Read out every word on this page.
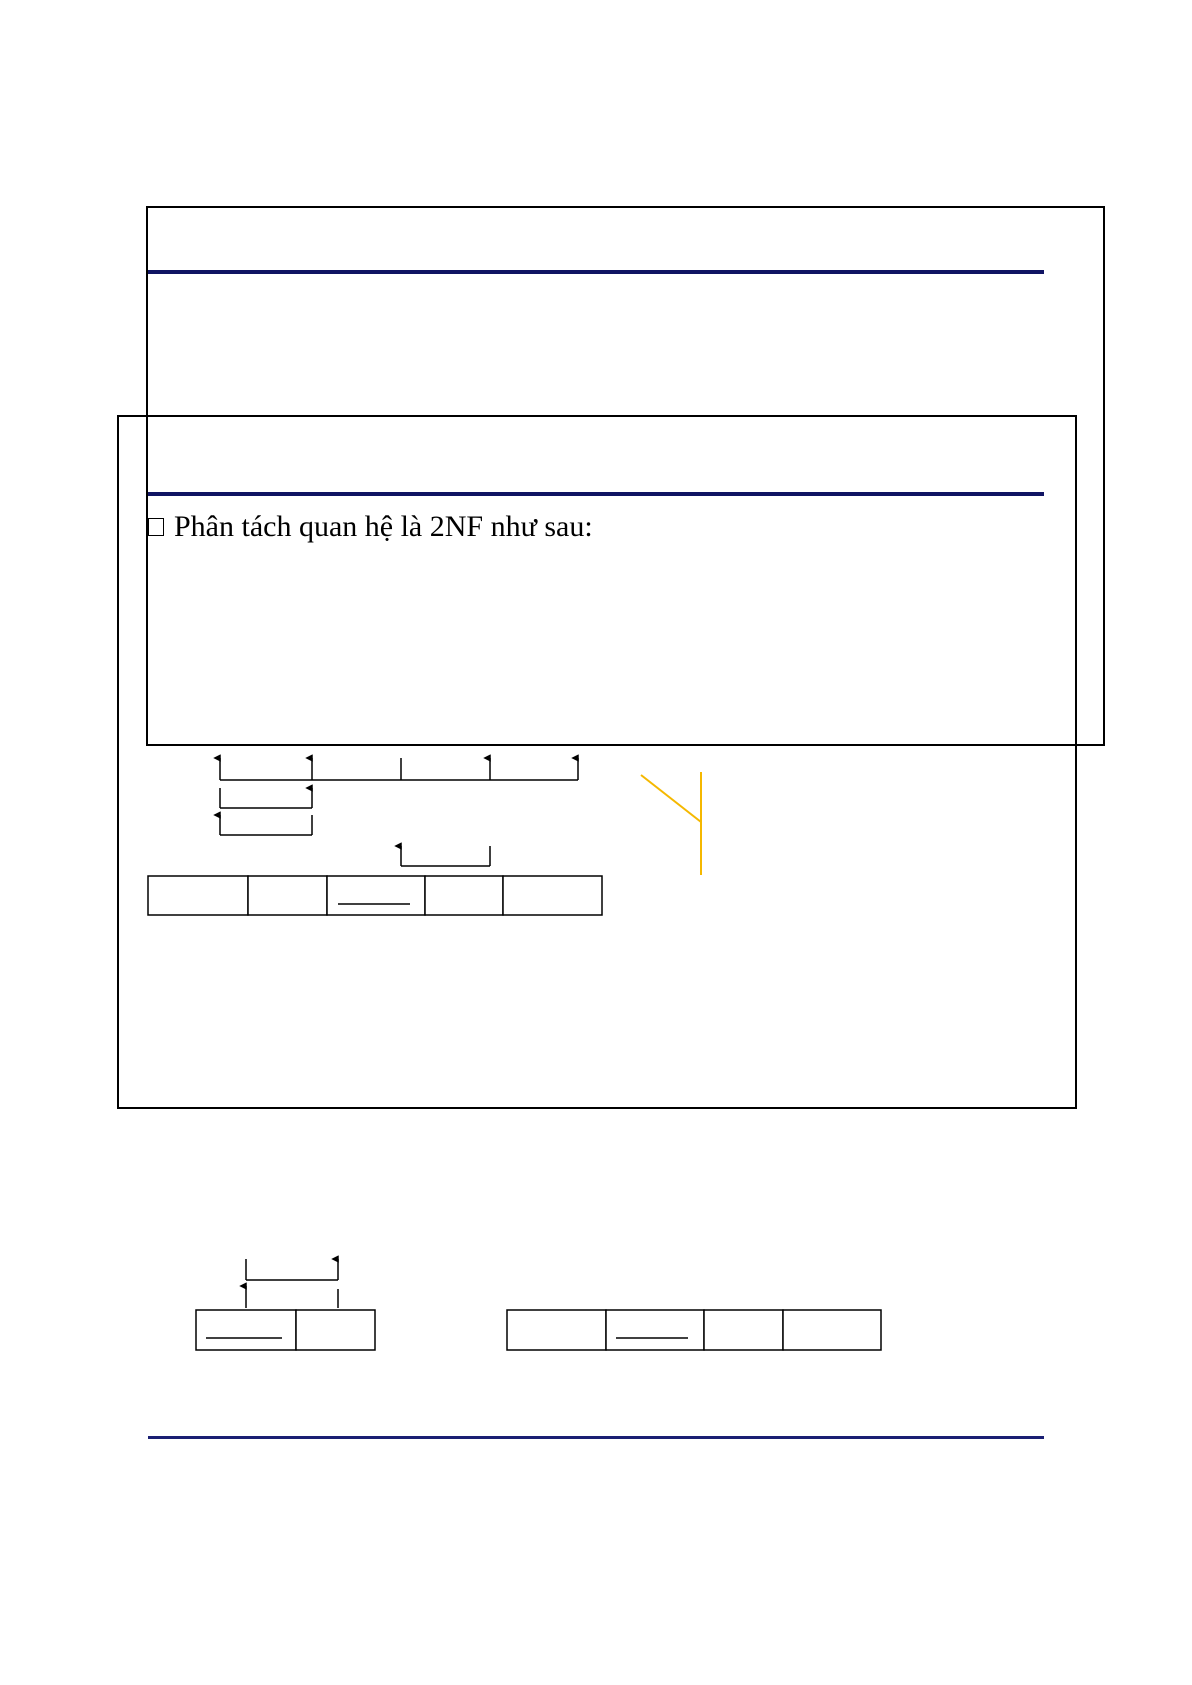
Phân tách quan hệ là 2NF như sau:
